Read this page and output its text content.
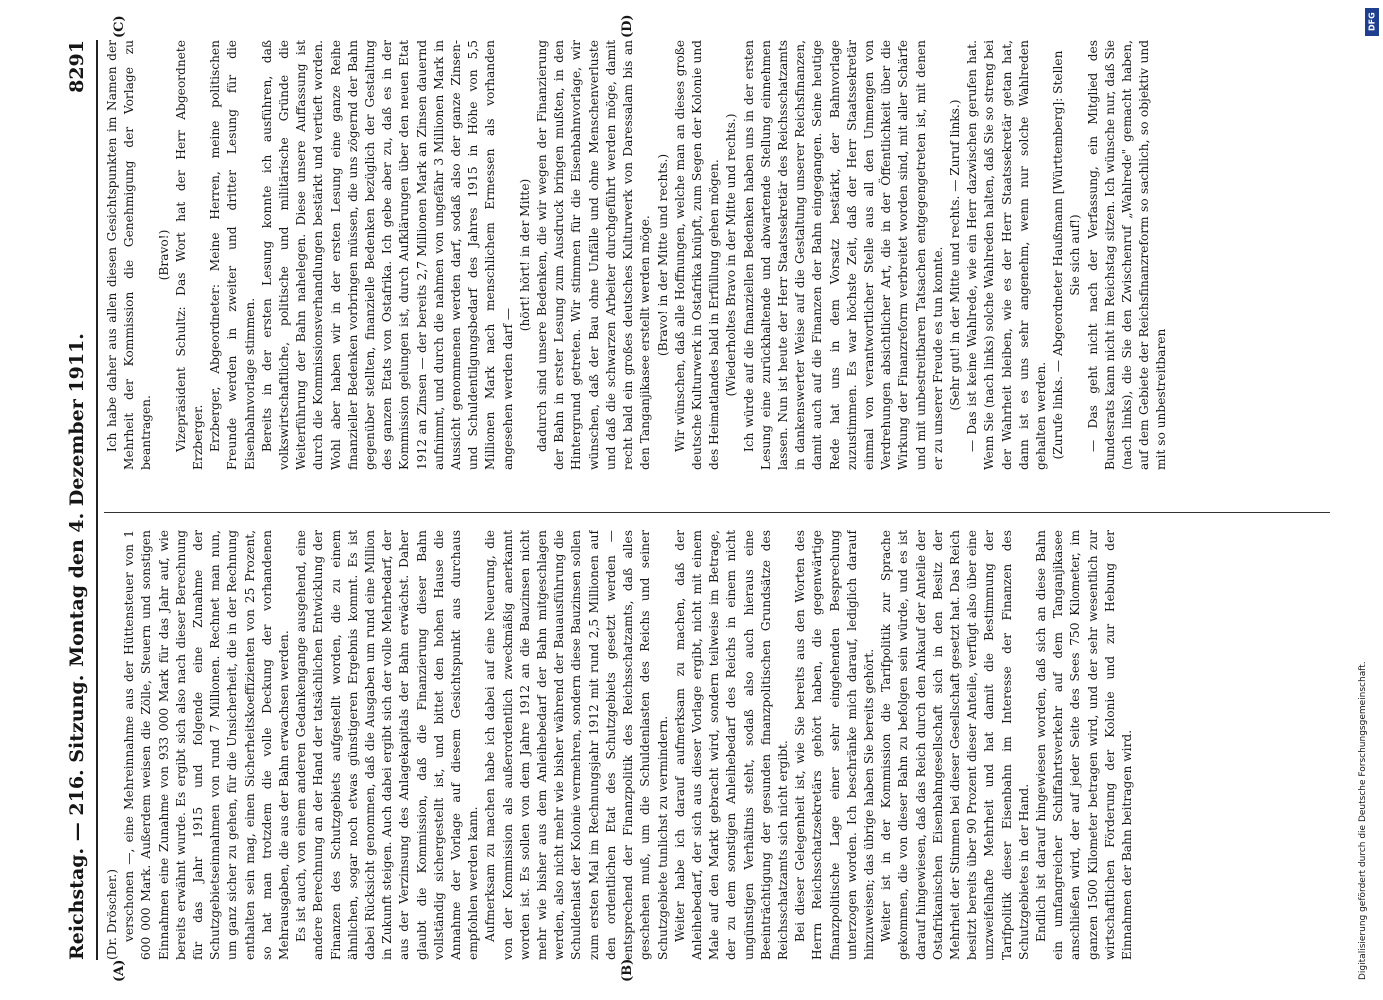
Reichstag. — 216. Sitzung.
Montag den 4. Dezember 1911.
8291
(A)	(B)
(C)	(D)

(Dr. Dröscher.) verschonen —, eine Mehreinnahme aus der Hüttensteuer von 1 600 000 Mark. Außerdem weisen die Zölle, Steuern und sonstigen Einnahmen eine Zunahme von 933 000 Mark für das Jahr auf, wie bereits erwähnt wurde. Es ergibt sich also nach dieser Berechnung für das Jahr 1915 und folgende eine Zunahme der Schutzgebietseinnahmen von rund 7 Millionen. Rechnet man nun, um ganz sicher zu gehen, für die Unsicherheit, die in der Rechnung enthalten sein mag, einen Sicherheitskoeffizienten von 25 Prozent, so hat man trotzdem die volle Deckung der vorhandenen Mehrausgaben, die aus der Bahn erwachsen werden. Es ist auch, von einem anderen Gedankengange ausgehend, eine andere Berechnung an der Hand der tatsächlichen Entwicklung der Finanzen des Schutzgebiets aufgestellt worden, die zu einem ähnlichen, sogar noch etwas günstigeren Ergebnis kommt. Es ist dabei Rücksicht genommen, daß die Ausgaben um rund eine Million in Zukunft steigen. Auch dabei ergibt sich der volle Mehrbedarf, der aus der Verzinsung des Anlagekapitals der Bahn erwächst. Daher glaubt die Kommission, daß die Finanzierung dieser Bahn vollständig sichergestellt ist, und bittet den hohen Hause die Annahme der Vorlage auf diesem Gesichtspunkt aus durchaus empfohlen werden kann. Aufmerksam zu machen habe ich dabei auf eine Neuerung, die von der Kommission als außerordentlich zweckmäßig anerkannt worden ist. Es sollen von dem Jahre 1912 an die Bauzinsen nicht mehr wie bisher aus dem Anleihebedarf der Bahn mitgeschlagen werden, also nicht mehr wie bisher während der Bauausführung die Schuldenlast der Kolonie vermehren, sondern diese Bauzinsen sollen zum ersten Mal im Rechnungsjahr 1912 mit rund 2,5 Millionen auf den ordentlichen Etat des Schutzgebiets gesetzt werden — entsprechend der Finanzpolitik des Reichsschatzamts, daß alles geschehen muß, um die Schuldenlasten des Reichs und seiner Schutzgebiete tunlichst zu vermindern. Weiter habe ich darauf aufmerksam zu machen, daß der Anleihebedarf, der sich aus dieser Vorlage ergibt, nicht mit einem Male auf den Markt gebracht wird, sondern teilweise im Betrage, der zu dem sonstigen Anleihebedarf des Reichs in einem nicht ungünstigen Verhältnis steht, sodaß also auch hieraus eine Beeinträchtigung der gesunden finanzpolitischen Grundsätze des Reichsschatzamts sich nicht ergibt. Bei dieser Gelegenheit ist, wie Sie bereits aus den Worten des Herrn Reichsschatzsekretärs gehört haben, die gegenwärtige finanzpolitische Lage einer sehr eingehenden Besprechung unterzogen worden. Ich beschränke mich darauf, lediglich darauf hinzuweisen; das übrige haben Sie bereits gehört. Weiter ist in der Kommission die Tarifpolitik zur Sprache gekommen, die von dieser Bahn zu befolgen sein würde, und es ist darauf hingewiesen, daß das Reich durch den Ankauf der Anteile der Ostafrikanischen Eisenbahngesellschaft sich in den Besitz der Mehrheit der Stimmen bei dieser Gesellschaft gesetzt hat. Das Reich besitzt bereits über 90 Prozent dieser Anteile, verfügt also über eine unzweifelhafte Mehrheit und hat damit die Bestimmung der Tarifpolitik dieser Eisenbahn im Interesse der Finanzen des Schutzgebietes in der Hand. Endlich ist darauf hingewiesen worden, daß sich an diese Bahn ein umfangreicher Schiffahrtsverkehr auf dem Tanganjikasee anschließen wird, der auf jeder Seite des Sees 750 Kilometer, im ganzen 1500 Kilometer betragen wird, und der sehr wesentlich zur wirtschaftlichen Förderung der Kolonie und zur Hebung der Einnahmen der Bahn beitragen wird.

Ich habe daher aus allen diesen Gesichtspunkten im Namen der Mehrheit der Kommission die Genehmigung der Vorlage zu beantragen.

(Bravo!) Vizepräsident Schultz: Das Wort hat der Herr Abgeordnete Erzberger. Erzberger, Abgeordneter: Meine Herren, meine politischen Freunde werden in zweiter und dritter Lesung für die Eisenbahnvorlage stimmen. Bereits in der ersten Lesung konnte ich ausführen, daß volkswirtschaftliche, politische und militärische Gründe die Weiterführung der Bahn nahelegen. Diese unsere Auffassung ist durch die Kommissionsverhandlungen bestärkt und vertieft worden. Wohl aber haben wir in der ersten Lesung eine ganze Reihe finanzieller Bedenken vorbringen müssen, die uns zögernd der Bahn gegenüber stellten, finanzielle Bedenken bezüglich der Gestaltung des ganzen Etats von Ostafrika. Ich gebe aber zu, daß es in der Kommission gelungen ist, durch Aufklärungen über den neuen Etat 1912 an Zinsen — der bereits 2,7 Millionen Mark an Zinsen dauernd aufnimmt, und durch die nahmen von ungefähr 3 Millionen Mark in Aussicht genommenen werden darf, sodaß also der ganze Zinsen- und Schuldentilgungsbedarf des Jahres 1915 in Höhe von 5,5 Millionen Mark nach menschlichem Ermessen als vorhanden angesehen werden darf —

(hört! hört! in der Mitte) dadurch sind unsere Bedenken, die wir wegen der Finanzierung der Bahn in erster Lesung zum Ausdruck bringen mußten, in den Hintergrund getreten. Wir stimmen für die Eisenbahnvorlage, wir wünschen, daß der Bau ohne Unfälle und ohne Menschenverluste und daß die schwarzen Arbeiter durchgeführt werden möge, damit recht bald ein großes deutsches Kulturwerk von Daressalam bis an den Tanganjikasee erstellt werden möge. (Bravo! in der Mitte und rechts.) Wir wünschen, daß alle Hoffnungen, welche man an dieses große deutsche Kulturwerk in Ostafrika knüpft, zum Segen der Kolonie und des Heimatlandes bald in Erfüllung gehen mögen. (Wiederholtes Bravo in der Mitte und rechts.) Ich würde auf die finanziellen Bedenken haben uns in der ersten Lesung eine zurückhaltende und abwartende Stellung einnehmen lassen. Nun ist heute der Herr Staatssekretär des Reichsschatzamts in dankenswerter Weise auf die Gestaltung unserer Reichsfinanzen, damit auch auf die Finanzen der Bahn eingegangen. Seine heutige Rede hat uns in dem Vorsatz bestärkt, der Bahnvorlage zuzustimmen. Es war höchste Zeit, daß der Herr Staatssekretär einmal von verantwortlicher Stelle aus all den Unmengen von Verdrehungen absichtlicher Art, die in der Öffentlichkeit über die Wirkung der Finanzreform verbreitet worden sind, mit aller Schärfe und mit unbestreitbaren Tatsachen entgegengetreten ist, mit denen er zu unserer Freude es tun konnte. (Sehr gut! in der Mitte und rechts. — Zuruf links.) — Das ist keine Wahlrede, wie ein Herr dazwischen gerufen hat. Wenn Sie (nach links) solche Wahlreden halten, daß Sie so streng bei der Wahrheit bleiben, wie es der Herr Staatssekretär getan hat, dann ist es uns sehr angenehm, wenn nur solche Wahlreden gehalten werden. (Zurufe links. — Abgeordneter Haußmann [Württemberg]: Stellen Sie sich auf!) — Das geht nicht nach der Verfassung, ein Mitglied des Bundesrats kann nicht im Reichstag sitzen. Ich wünsche nur, daß Sie (nach links), die Sie den Zwischenruf „Wahlrede" gemacht haben, auf dem Gebiete der Reichsfinanzreform so sachlich, so objektiv und mit so unbestreitbaren

DFG
Digitalisierung gefördert durch die Deutsche Forschungsgemeinschaft.
